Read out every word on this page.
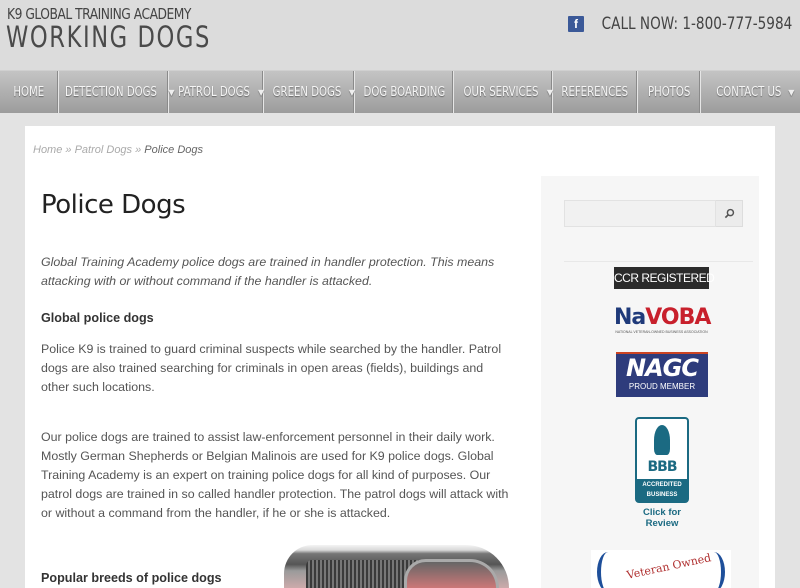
K9 GLOBAL TRAINING ACADEMY
WORKING DOGS	f	CALL NOW: 1-800-777-5984
HOME DETECTION DOGS ▼ PATROL DOGS ▼ GREEN DOGS ▼ DOG BOARDING OUR SERVICES ▼ REFERENCES PHOTOS CONTACT US ▼
Home » Patrol Dogs » Police Dogs
Police Dogs

Global Training Academy police dogs are trained in handler protection. This means attacking with or without command if the handler is attacked.

Global police dogs

Police K9 is trained to guard criminal suspects while searched by the handler. Patrol dogs are also trained searching for criminals in open areas (fields), buildings and other such locations.

Our police dogs are trained to assist law-enforcement personnel in their daily work. Mostly German Shepherds or Belgian Malinois are used for K9 police dogs. Global Training Academy is an expert on training police dogs for all kind of purposes. Our patrol dogs are trained in so called handler protection. The patrol dogs will attack with or without a command from the handler, if he or she is attacked.

Popular breeds of police dogs

CCR REGISTERED
NaVOBA
NATIONAL VETERAN-OWNED BUSINESS ASSOCIATION
NAGC
PROUD MEMBER
BBB
ACCREDITED BUSINESS
Click for Review
Veteran Owned
